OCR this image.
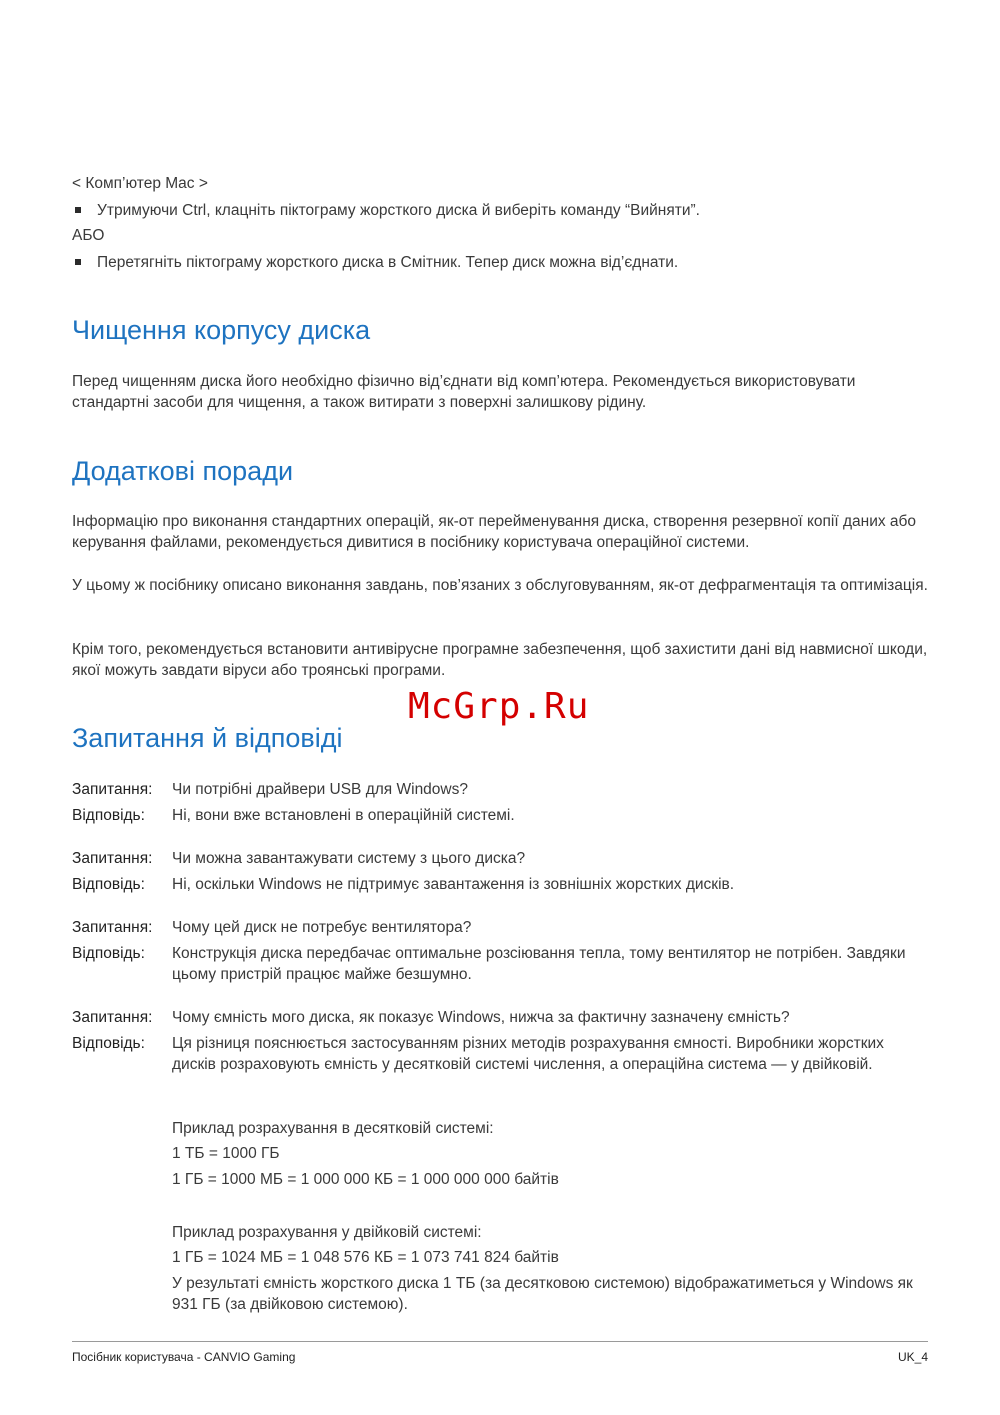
< Комп’ютер Mac >

Утримуючи Ctrl, клацніть піктограму жорсткого диска й виберіть команду “Вийняти”.

АБО

Перетягніть піктограму жорсткого диска в Смітник. Тепер диск можна від’єднати.

Чищення корпусу диска

Перед чищенням диска його необхідно фізично від’єднати від комп’ютера. Рекомендується використовувати стандартні засоби для чищення, а також витирати з поверхні залишкову рідину.

Додаткові поради

Інформацію про виконання стандартних операцій, як-от перейменування диска, створення резервної копії даних або керування файлами, рекомендується дивитися в посібнику користувача операційної системи.

У цьому ж посібнику описано виконання завдань, пов’язаних з обслуговуванням, як-от дефрагментація та оптимізація.

Крім того, рекомендується встановити антивірусне програмне забезпечення, щоб захистити дані від навмисної шкоди, якої можуть завдати віруси або троянські програми.

Запитання й відповіді
Запитання:	Чи потрібні драйвери USB для Windows?
Відповідь:	Ні, вони вже встановлені в операційній системі.
Запитання:	Чи можна завантажувати систему з цього диска?
Відповідь:	Ні, оскільки Windows не підтримує завантаження із зовнішніх жорстких дисків.
Запитання:	Чому цей диск не потребує вентилятора?
Відповідь:	Конструкція диска передбачає оптимальне розсіювання тепла, тому вентилятор не потрібен. Завдяки цьому пристрій працює майже безшумно.
Запитання:	Чому ємність мого диска, як показує Windows, нижча за фактичну зазначену ємність?
Відповідь:	Ця різниця пояснюється застосуванням різних методів розрахування ємності. Виробники жорстких дисків розраховують ємність у десятковій системі числення, а операційна система — у двійковій.

Приклад розрахування в десятковій системі:

1 ТБ = 1000 ГБ

1 ГБ = 1000 МБ = 1 000 000 КБ = 1 000 000 000 байтів

Приклад розрахування у двійковій системі:

1 ГБ = 1024 МБ = 1 048 576 КБ = 1 073 741 824 байтів

У результаті ємність жорсткого диска 1 ТБ (за десятковою системою) відображатиметься у Windows як 931 ГБ (за двійковою системою).

McGrp.Ru
Посібник користувача - CANVIO Gaming	UK_4
